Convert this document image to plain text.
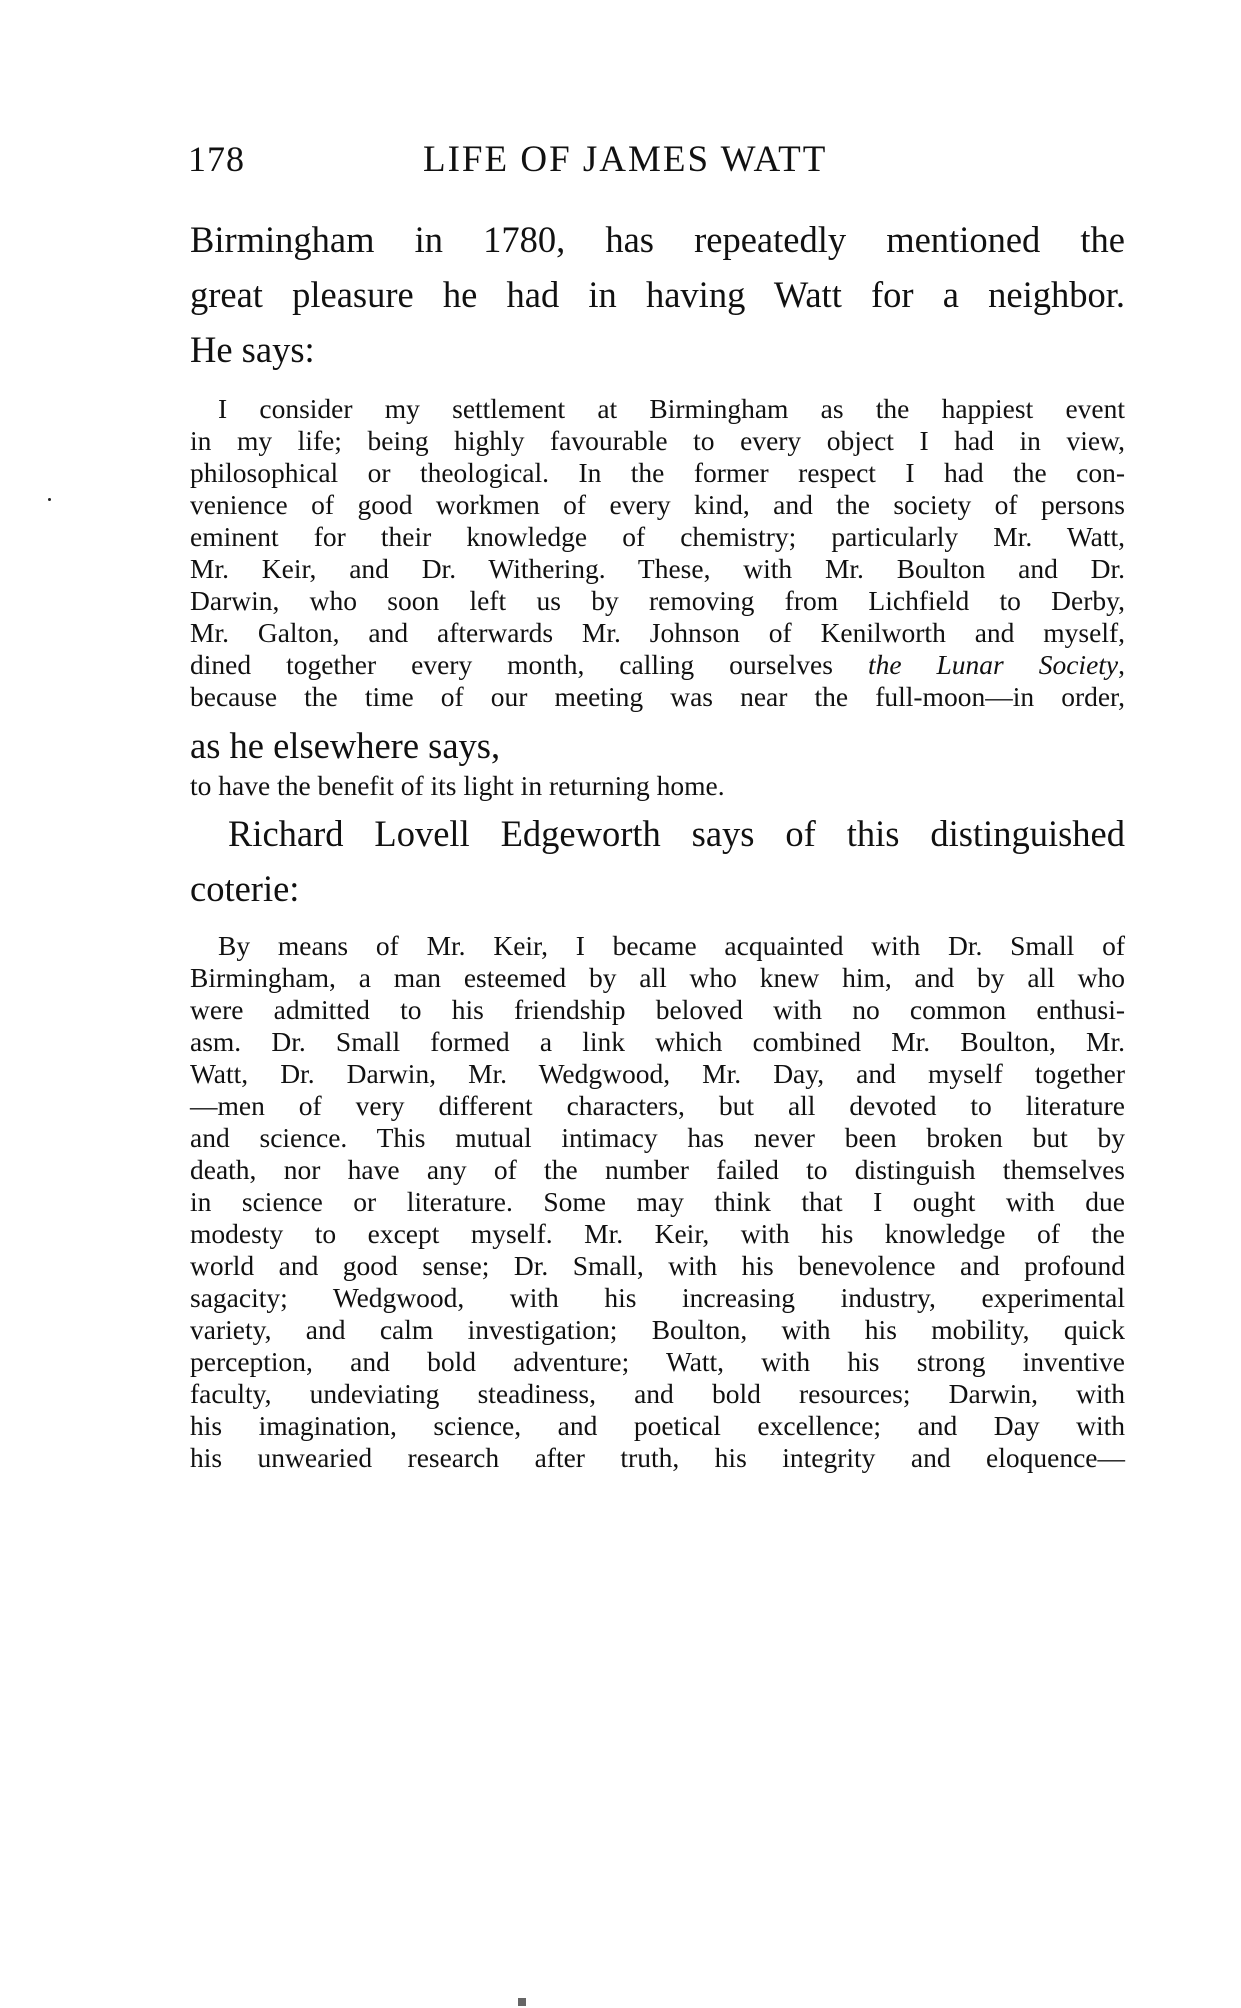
178	LIFE OF JAMES WATT
Birmingham in 1780, has repeatedly mentioned the
great pleasure he had in having Watt for a neighbor.
He says:
I consider my settlement at Birmingham as the happiest event
in my life; being highly favourable to every object I had in view,
philosophical or theological. In the former respect I had the con-
venience of good workmen of every kind, and the society of persons
eminent for their knowledge of chemistry; particularly Mr. Watt,
Mr. Keir, and Dr. Withering. These, with Mr. Boulton and Dr.
Darwin, who soon left us by removing from Lichfield to Derby,
Mr. Galton, and afterwards Mr. Johnson of Kenilworth and myself,
dined together every month, calling ourselves the Lunar Society,
because the time of our meeting was near the full-moon—in order,
as he elsewhere says,
to have the benefit of its light in returning home.
Richard Lovell Edgeworth says of this distinguished
coterie:
By means of Mr. Keir, I became acquainted with Dr. Small of
Birmingham, a man esteemed by all who knew him, and by all who
were admitted to his friendship beloved with no common enthusi-
asm. Dr. Small formed a link which combined Mr. Boulton, Mr.
Watt, Dr. Darwin, Mr. Wedgwood, Mr. Day, and myself together
—men of very different characters, but all devoted to literature
and science. This mutual intimacy has never been broken but by
death, nor have any of the number failed to distinguish themselves
in science or literature. Some may think that I ought with due
modesty to except myself. Mr. Keir, with his knowledge of the
world and good sense; Dr. Small, with his benevolence and profound
sagacity; Wedgwood, with his increasing industry, experimental
variety, and calm investigation; Boulton, with his mobility, quick
perception, and bold adventure; Watt, with his strong inventive
faculty, undeviating steadiness, and bold resources; Darwin, with
his imagination, science, and poetical excellence; and Day with
his unwearied research after truth, his integrity and eloquence—
